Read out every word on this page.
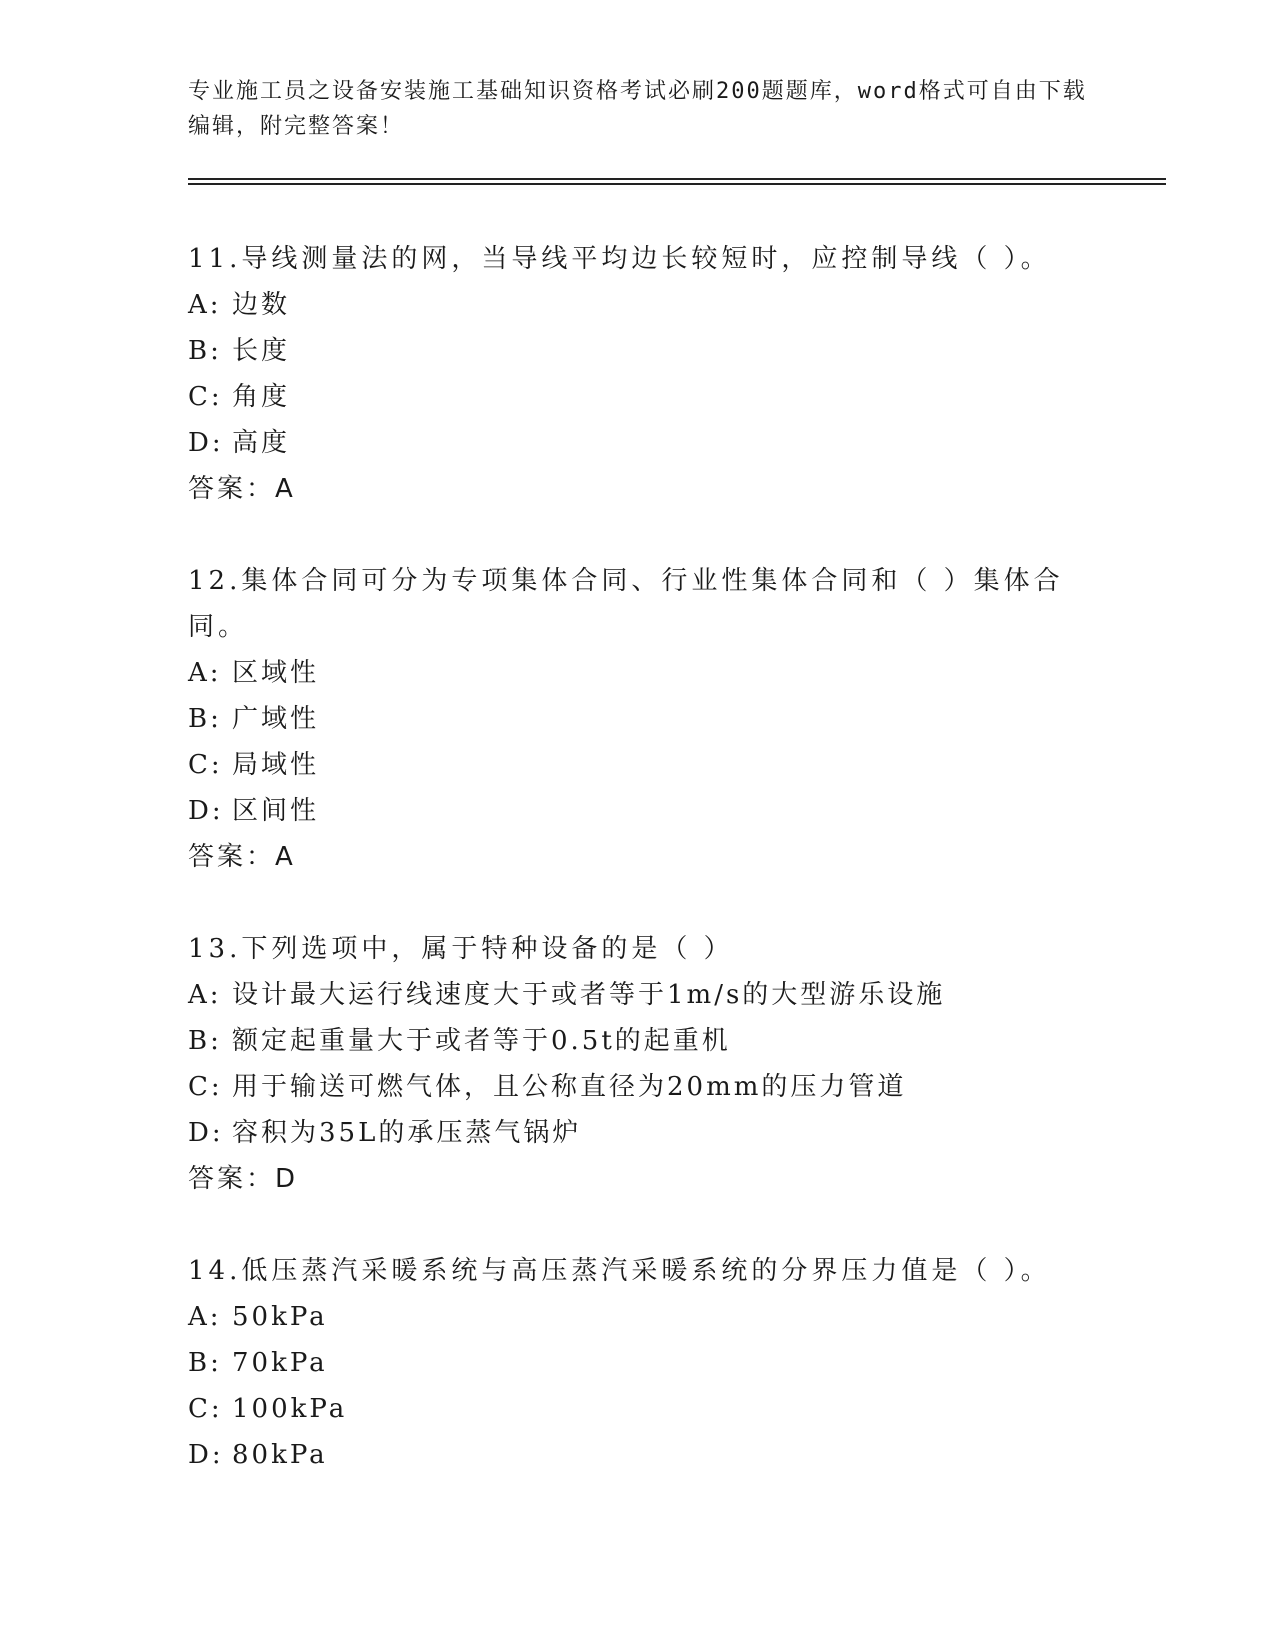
专业施工员之设备安装施工基础知识资格考试必刷200题题库，word格式可自由下载编辑，附完整答案！
11.导线测量法的网，当导线平均边长较短时，应控制导线（ ）。
A: 边数
B: 长度
C: 角度
D: 高度
答案：A
12.集体合同可分为专项集体合同、行业性集体合同和（ ）集体合同。
A: 区域性
B: 广域性
C: 局域性
D: 区间性
答案：A
13.下列选项中，属于特种设备的是（ ）
A: 设计最大运行线速度大于或者等于1m/s的大型游乐设施
B: 额定起重量大于或者等于0.5t的起重机
C: 用于输送可燃气体，且公称直径为20mm的压力管道
D: 容积为35L的承压蒸气锅炉
答案：D
14.低压蒸汽采暖系统与高压蒸汽采暖系统的分界压力值是（ ）。
A: 50kPa
B: 70kPa
C: 100kPa
D: 80kPa
